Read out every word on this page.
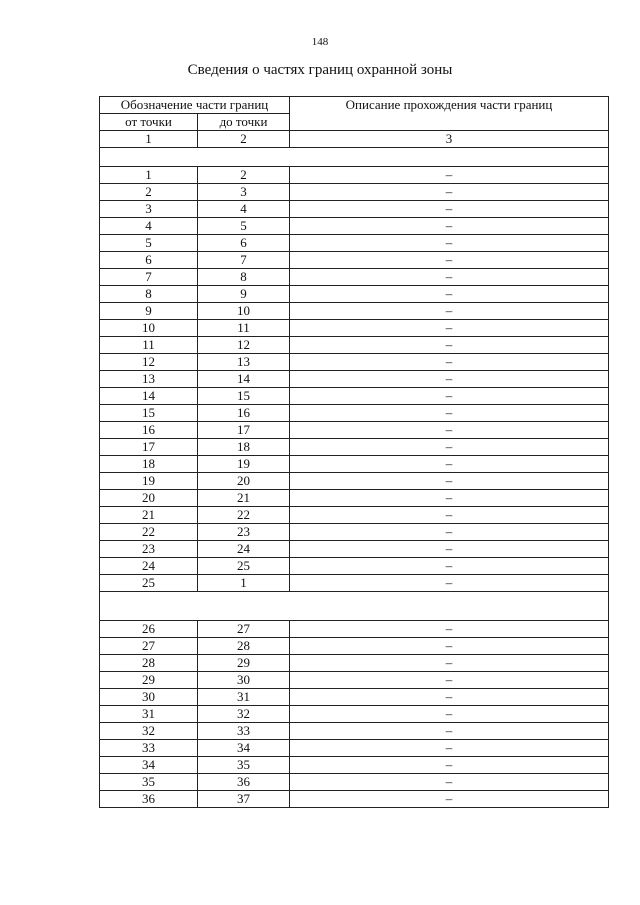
148
Сведения о частях границ охранной зоны
Обозначение части границ		Описание прохождения части границ
от точки	до точки	
1	2	3

1	2	–
2	3	–
3	4	–
4	5	–
5	6	–
6	7	–
7	8	–
8	9	–
9	10	–
10	11	–
11	12	–
12	13	–
13	14	–
14	15	–
15	16	–
16	17	–
17	18	–
18	19	–
19	20	–
20	21	–
21	22	–
22	23	–
23	24	–
24	25	–
25	1	–

26	27	–
27	28	–
28	29	–
29	30	–
30	31	–
31	32	–
32	33	–
33	34	–
34	35	–
35	36	–
36	37	–
